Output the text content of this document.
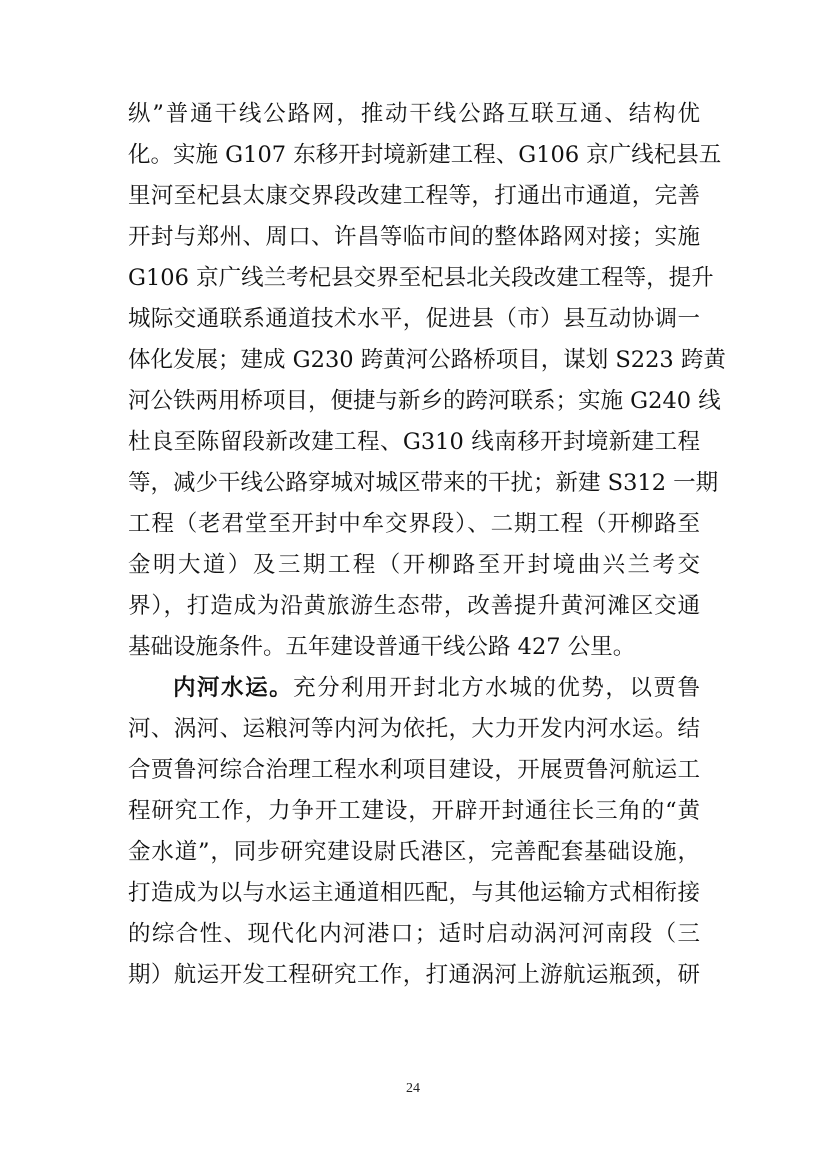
纵”普通干线公路网，推动干线公路互联互通、结构优
化。实施 G107 东移开封境新建工程、G106 京广线杞县五
里河至杞县太康交界段改建工程等，打通出市通道，完善
开封与郑州、周口、许昌等临市间的整体路网对接；实施
G106 京广线兰考杞县交界至杞县北关段改建工程等，提升
城际交通联系通道技术水平，促进县（市）县互动协调一
体化发展；建成 G230 跨黄河公路桥项目，谋划 S223 跨黄
河公铁两用桥项目，便捷与新乡的跨河联系；实施 G240 线
杜良至陈留段新改建工程、G310 线南移开封境新建工程
等，减少干线公路穿城对城区带来的干扰；新建 S312 一期
工程（老君堂至开封中牟交界段）、二期工程（开柳路至
金明大道）及三期工程（开柳路至开封境曲兴兰考交
界），打造成为沿黄旅游生态带，改善提升黄河滩区交通
基础设施条件。五年建设普通干线公路 427 公里。
内河水运。充分利用开封北方水城的优势，以贾鲁
河、涡河、运粮河等内河为依托，大力开发内河水运。结
合贾鲁河综合治理工程水利项目建设，开展贾鲁河航运工
程研究工作，力争开工建设，开辟开封通往长三角的“黄
金水道”，同步研究建设尉氏港区，完善配套基础设施，
打造成为以与水运主通道相匹配，与其他运输方式相衔接
的综合性、现代化内河港口；适时启动涡河河南段（三
期）航运开发工程研究工作，打通涡河上游航运瓶颈，研
24
